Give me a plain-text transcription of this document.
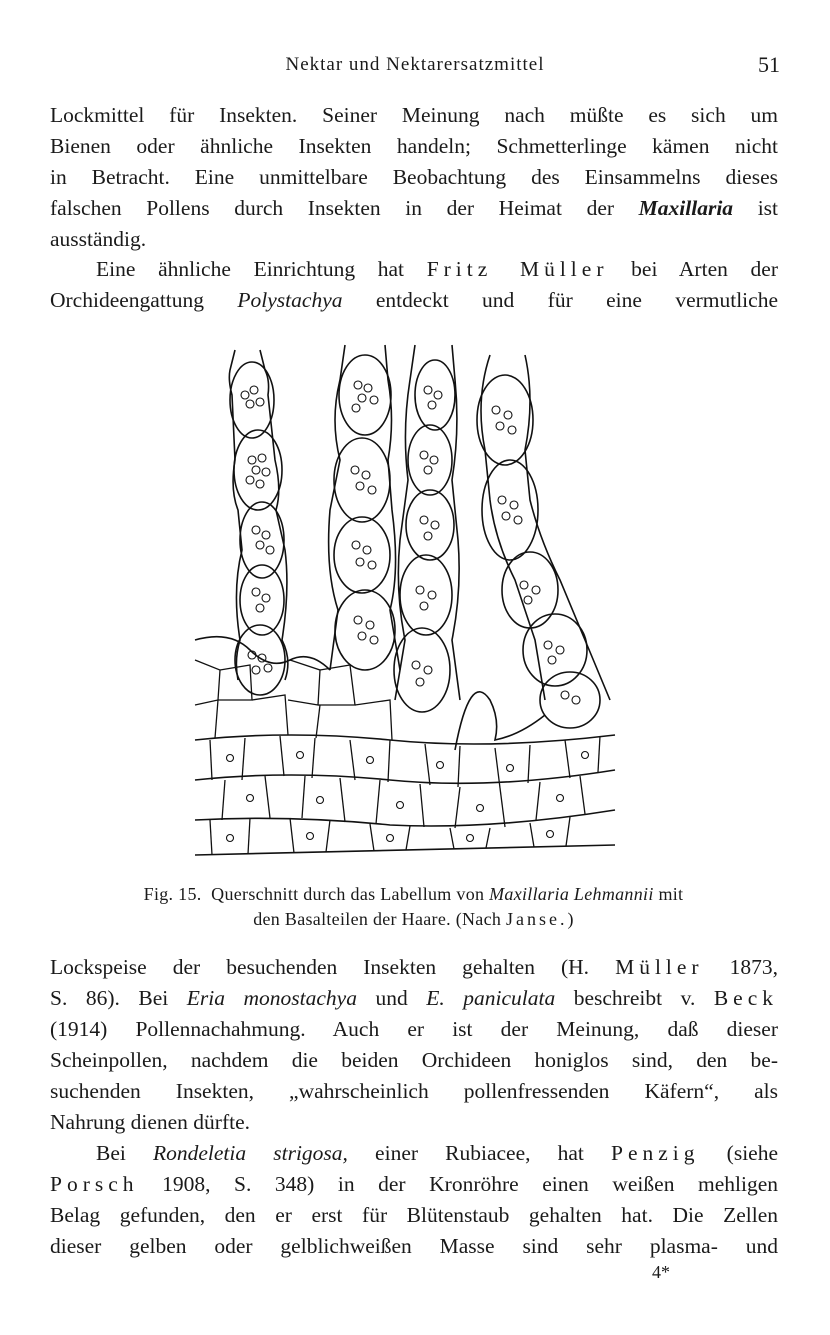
Nektar und Nektarersatzmittel	51

Lockmittel für Insekten. Seiner Meinung nach müßte es sich um
Bienen oder ähnliche Insekten handeln; Schmetterlinge kämen nicht
in Betracht. Eine unmittelbare Beobachtung des Einsammelns dieses
falschen Pollens durch Insekten in der Heimat der Maxillaria ist
ausständig.

Eine ähnliche Einrichtung hat Fritz Müller bei Arten der
Orchideengattung Polystachya entdeckt und für eine vermutliche

Fig. 15. Querschnitt durch das Labellum von Maxillaria Lehmannii mit
den Basalteilen der Haare. (Nach Janse.)

Lockspeise der besuchenden Insekten gehalten (H. Müller 1873,
S. 86). Bei Eria monostachya und E. paniculata beschreibt v. Beck
(1914) Pollennachahmung. Auch er ist der Meinung, daß dieser
Scheinpollen, nachdem die beiden Orchideen honiglos sind, den be-
suchenden Insekten, „wahrscheinlich pollenfressenden Käfern“, als
Nahrung dienen dürfte.

Bei Rondeletia strigosa, einer Rubiacee, hat Penzig (siehe
Porsch 1908, S. 348) in der Kronröhre einen weißen mehligen
Belag gefunden, den er erst für Blütenstaub gehalten hat. Die Zellen
dieser gelben oder gelblichweißen Masse sind sehr plasma- und

4*
